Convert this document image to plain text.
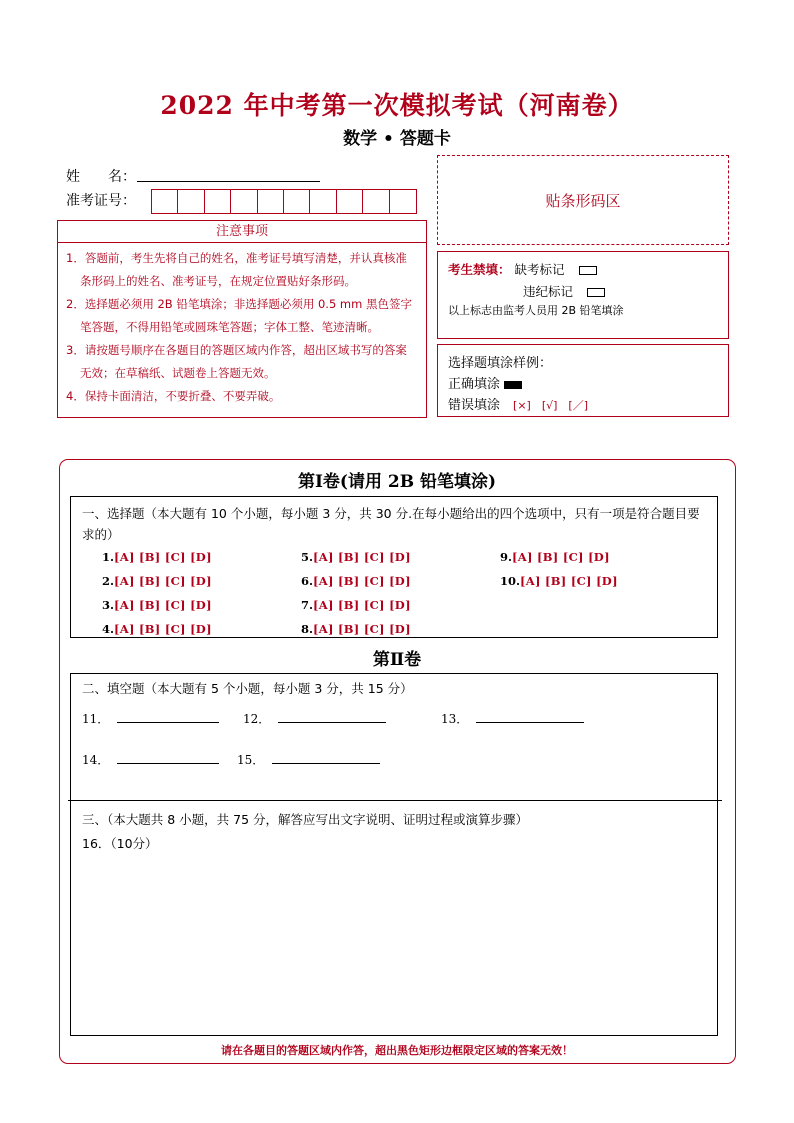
2022 年中考第一次模拟考试（河南卷）
数学 • 答题卡
姓　　名：
准考证号：	贴条形码区
注意事项

1．答题前，考生先将自己的姓名，准考证号填写清楚，并认真核准条形码上的姓名、准考证号，在规定位置贴好条形码。

2．选择题必须用 2B 铅笔填涂；非选择题必须用 0.5 mm 黑色签字笔答题，不得用铅笔或圆珠笔答题；字体工整、笔迹清晰。

3．请按题号顺序在各题目的答题区域内作答，超出区域书写的答案无效；在草稿纸、试题卷上答题无效。

4．保持卡面清洁，不要折叠、不要弄破。

考生禁填： 缺考标记
违纪标记
以上标志由监考人员用 2B 铅笔填涂
选择题填涂样例：
正确填涂
错误填涂　 [×]　[√]　[／]
第Ⅰ卷(请用 2B 铅笔填涂)
一、选择题（本大题有 10 个小题，每小题 3 分，共 30 分.在每小题给出的四个选项中，只有一项是符合题目要求的）
1.[A] [B] [C] [D]
2.[A] [B] [C] [D]
3.[A] [B] [C] [D]
4.[A] [B] [C] [D]
5.[A] [B] [C] [D]
6.[A] [B] [C] [D]
7.[A] [B] [C] [D]
8.[A] [B] [C] [D]
9.[A] [B] [C] [D]
10.[A] [B] [C] [D]
第Ⅱ卷
二、填空题（本大题有 5 个小题，每小题 3 分，共 15 分）
11．	12．	13．
14．	15．
三、（本大题共 8 小题，共 75 分，解答应写出文字说明、证明过程或演算步骤）
16．（10分）
请在各题目的答题区域内作答，超出黑色矩形边框限定区域的答案无效！
